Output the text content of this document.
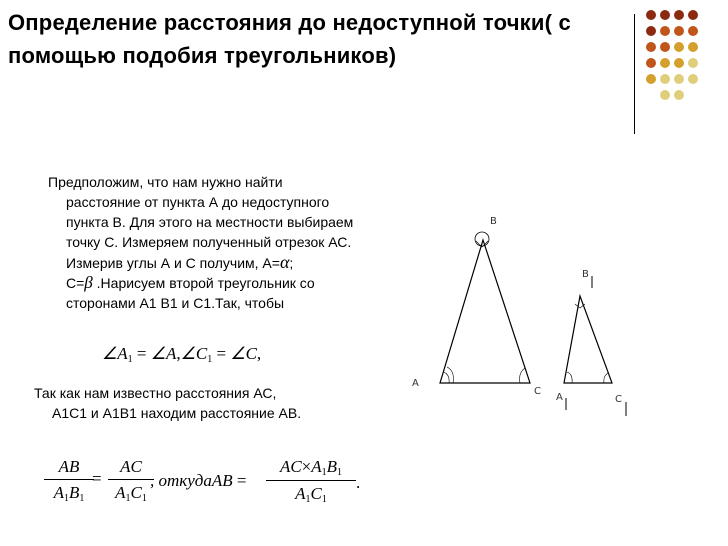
Определение расстояния до недоступной точки( с помощью подобия треугольников)
Предположим, что нам нужно найти
расстояние от пункта А до недоступного пункта В. Для этого на местности выбираем точку С. Измеряем полученный отрезок АС. Измерив углы А и С получим, А=α;
С=β .Нарисуем второй треугольник со сторонами А1 В1 и С1.Так, чтобы
$\angle A_1$ = $\angle A,\angle C_1$ = ∠C,
Так как нам известно расстояния АС,
А1С1 и А1В1 находим расстояние АВ.
$\frac{AB}{A_1B_1}$
= $\frac{AC}{A_1C_1}$
, откудаAB = $\frac{AC\times A_1B_1}{A_1C_1}$ .
B
A
C
B
A	C
